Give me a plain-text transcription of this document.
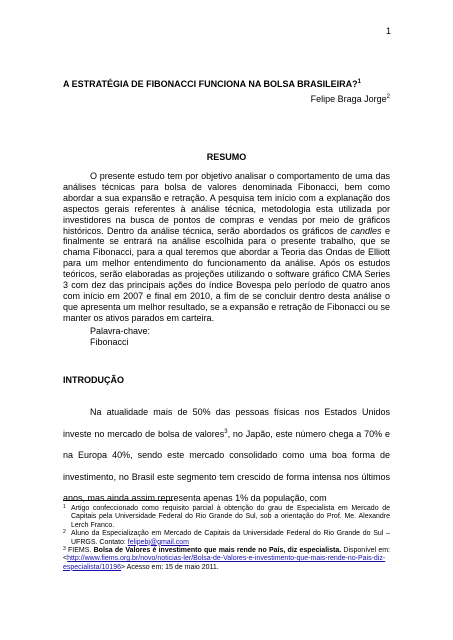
1
A ESTRATÉGIA DE FIBONACCI FUNCIONA NA BOLSA BRASILEIRA?$^1$
Felipe Braga Jorge$^2$
RESUMO

O presente estudo tem por objetivo analisar o comportamento de uma das análises técnicas para bolsa de valores denominada Fibonacci, bem como abordar a sua expansão e retração. A pesquisa tem início com a explanação dos aspectos gerais referentes à análise técnica, metodologia esta utilizada por investidores na busca de pontos de compras e vendas por meio de gráficos históricos. Dentro da análise técnica, serão abordados os gráficos de candles e finalmente se entrará na análise escolhida para o presente trabalho, que se chama Fibonacci, para a qual teremos que abordar a Teoria das Ondas de Elliott para um melhor entendimento do funcionamento da análise. Após os estudos teóricos, serão elaboradas as projeções utilizando o software gráfico CMA Series 3 com dez das principais ações do índice Bovespa pelo período de quatro anos com início em 2007 e final em 2010, a fim de se concluir dentro desta análise o que apresenta um melhor resultado, se a expansão e retração de Fibonacci ou se manter os ativos parados em carteira.

Palavra-chave:
Fibonacci
INTRODUÇÃO

Na atualidade mais de 50% das pessoas físicas nos Estados Unidos investe no mercado de bolsa de valores$^3$, no Japão, este número chega a 70% e na Europa 40%, sendo este mercado consolidado como uma boa forma de investimento, no Brasil este segmento tem crescido de forma intensa nos últimos anos, mas ainda assim representa apenas 1% da população, com

1 Artigo confeccionado como requisito parcial à obtenção do grau de Especialista em Mercado de Capitais pela Universidade Federal do Rio Grande do Sul, sob a orientação do Prof. Me. Alexandre Lerch Franco.
2 Aluno da Especialização em Mercado de Capitais da Universidade Federal do Rio Grande do Sul – UFRGS. Contato: felipebj@gmail.com
$^3$ FIEMS. Bolsa de Valores é investimento que mais rende no País, diz especialista. Disponível em: <http://www.fiems.org.br/novo/noticias-ler/Bolsa-de-Valores-e-investimento-que-mais-rende-no-Pais-diz-especialista/10196> Acesso em: 15 de maio 2011.
